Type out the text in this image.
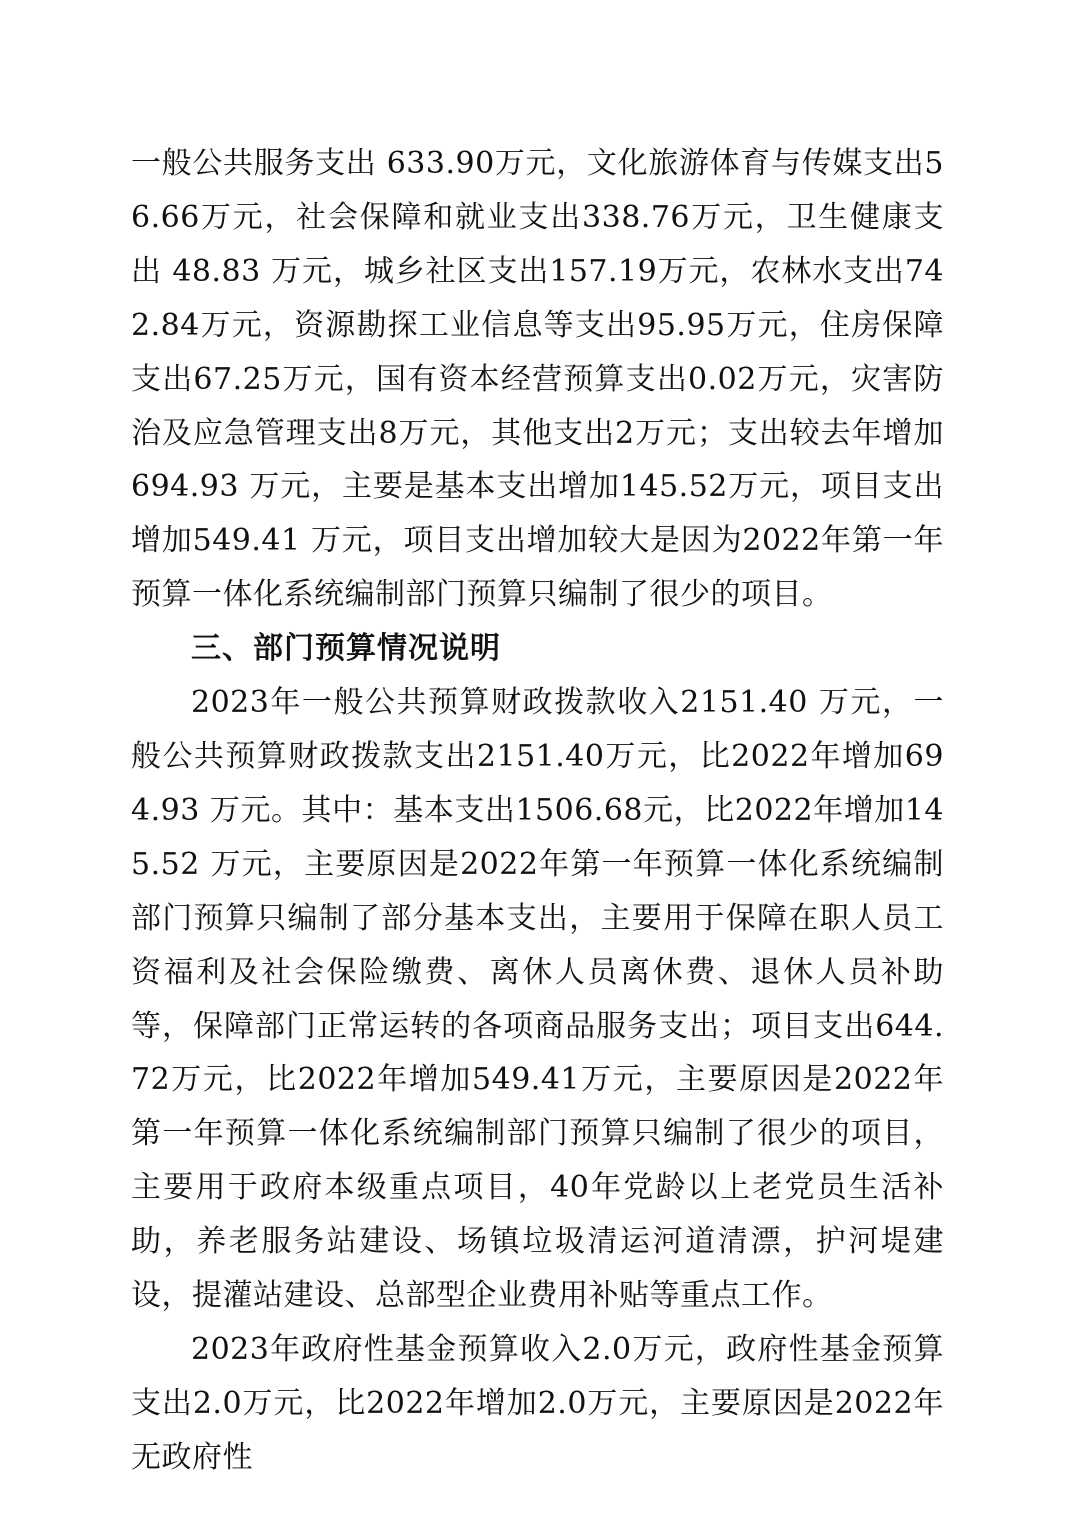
一般公共服务支出 633.90万元，文化旅游体育与传媒支出56.66万元，社会保障和就业支出338.76万元，卫生健康支出 48.83 万元，城乡社区支出157.19万元，农林水支出742.84万元，资源勘探工业信息等支出95.95万元，住房保障支出67.25万元，国有资本经营预算支出0.02万元，灾害防治及应急管理支出8万元，其他支出2万元；支出较去年增加694.93 万元，主要是基本支出增加145.52万元，项目支出增加549.41 万元，项目支出增加较大是因为2022年第一年预算一体化系统编制部门预算只编制了很少的项目。

三、部门预算情况说明

2023年一般公共预算财政拨款收入2151.40 万元，一般公共预算财政拨款支出2151.40万元，比2022年增加694.93 万元。其中：基本支出1506.68元，比2022年增加145.52 万元，主要原因是2022年第一年预算一体化系统编制部门预算只编制了部分基本支出，主要用于保障在职人员工资福利及社会保险缴费、离休人员离休费、退休人员补助等，保障部门正常运转的各项商品服务支出；项目支出644.72万元，比2022年增加549.41万元，主要原因是2022年第一年预算一体化系统编制部门预算只编制了很少的项目，主要用于政府本级重点项目，40年党龄以上老党员生活补助，养老服务站建设、场镇垃圾清运河道清漂，护河堤建设，提灌站建设、总部型企业费用补贴等重点工作。

2023年政府性基金预算收入2.0万元，政府性基金预算支出2.0万元，比2022年增加2.0万元，主要原因是2022年无政府性
